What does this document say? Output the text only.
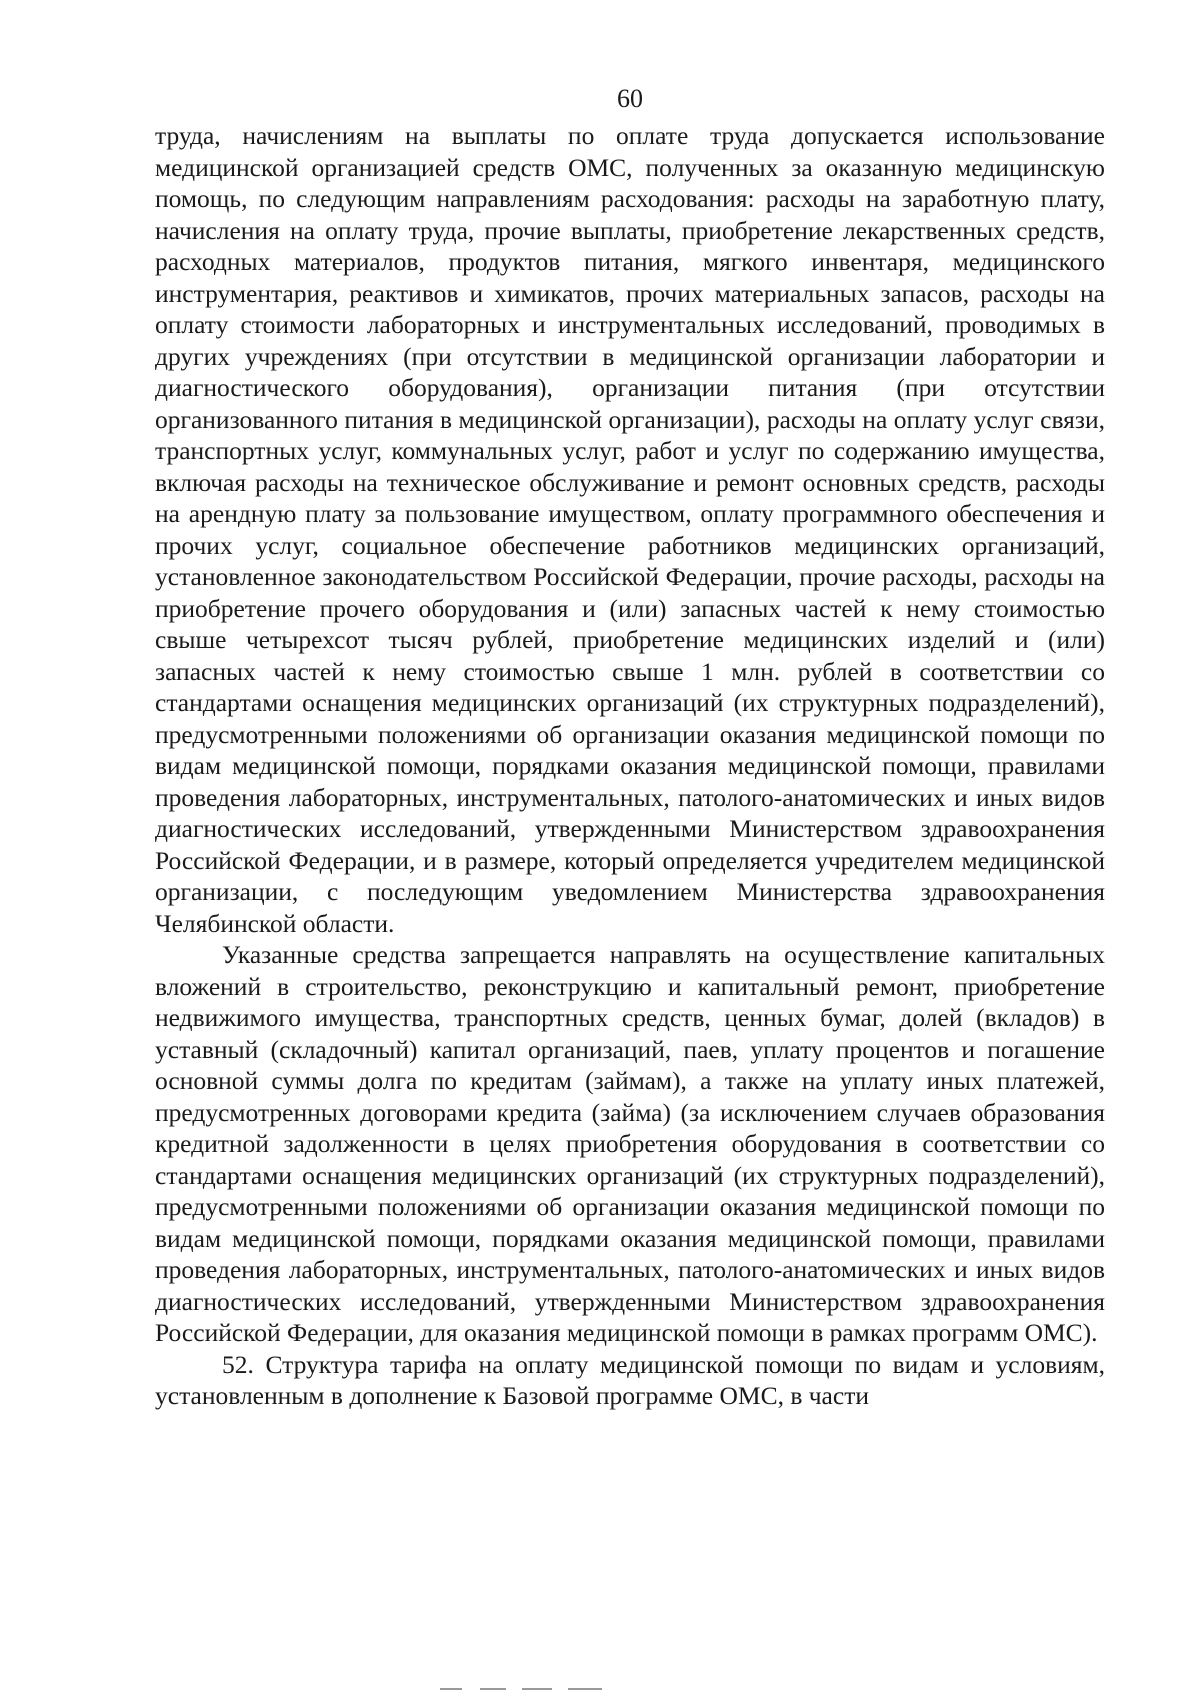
60

труда, начислениям на выплаты по оплате труда допускается использование медицинской организацией средств ОМС, полученных за оказанную медицинскую помощь, по следующим направлениям расходования: расходы на заработную плату, начисления на оплату труда, прочие выплаты, приобретение лекарственных средств, расходных материалов, продуктов питания, мягкого инвентаря, медицинского инструментария, реактивов и химикатов, прочих материальных запасов, расходы на оплату стоимости лабораторных и инструментальных исследований, проводимых в других учреждениях (при отсутствии в медицинской организации лаборатории и диагностического оборудования), организации питания (при отсутствии организованного питания в медицинской организации), расходы на оплату услуг связи, транспортных услуг, коммунальных услуг, работ и услуг по содержанию имущества, включая расходы на техническое обслуживание и ремонт основных средств, расходы на арендную плату за пользование имуществом, оплату программного обеспечения и прочих услуг, социальное обеспечение работников медицинских организаций, установленное законодательством Российской Федерации, прочие расходы, расходы на приобретение прочего оборудования и (или) запасных частей к нему стоимостью свыше четырехсот тысяч рублей, приобретение медицинских изделий и (или) запасных частей к нему стоимостью свыше 1 млн. рублей в соответствии со стандартами оснащения медицинских организаций (их структурных подразделений), предусмотренными положениями об организации оказания медицинской помощи по видам медицинской помощи, порядками оказания медицинской помощи, правилами проведения лабораторных, инструментальных, патолого-анатомических и иных видов диагностических исследований, утвержденными Министерством здравоохранения Российской Федерации, и в размере, который определяется учредителем медицинской организации, с последующим уведомлением Министерства здравоохранения Челябинской области.

Указанные средства запрещается направлять на осуществление капитальных вложений в строительство, реконструкцию и капитальный ремонт, приобретение недвижимого имущества, транспортных средств, ценных бумаг, долей (вкладов) в уставный (складочный) капитал организаций, паев, уплату процентов и погашение основной суммы долга по кредитам (займам), а также на уплату иных платежей, предусмотренных договорами кредита (займа) (за исключением случаев образования кредитной задолженности в целях приобретения оборудования в соответствии со стандартами оснащения медицинских организаций (их структурных подразделений), предусмотренными положениями об организации оказания медицинской помощи по видам медицинской помощи, порядками оказания медицинской помощи, правилами проведения лабораторных, инструментальных, патолого-анатомических и иных видов диагностических исследований, утвержденными Министерством здравоохранения Российской Федерации, для оказания медицинской помощи в рамках программ ОМС).

52. Структура тарифа на оплату медицинской помощи по видам и условиям, установленным в дополнение к Базовой программе ОМС, в части
